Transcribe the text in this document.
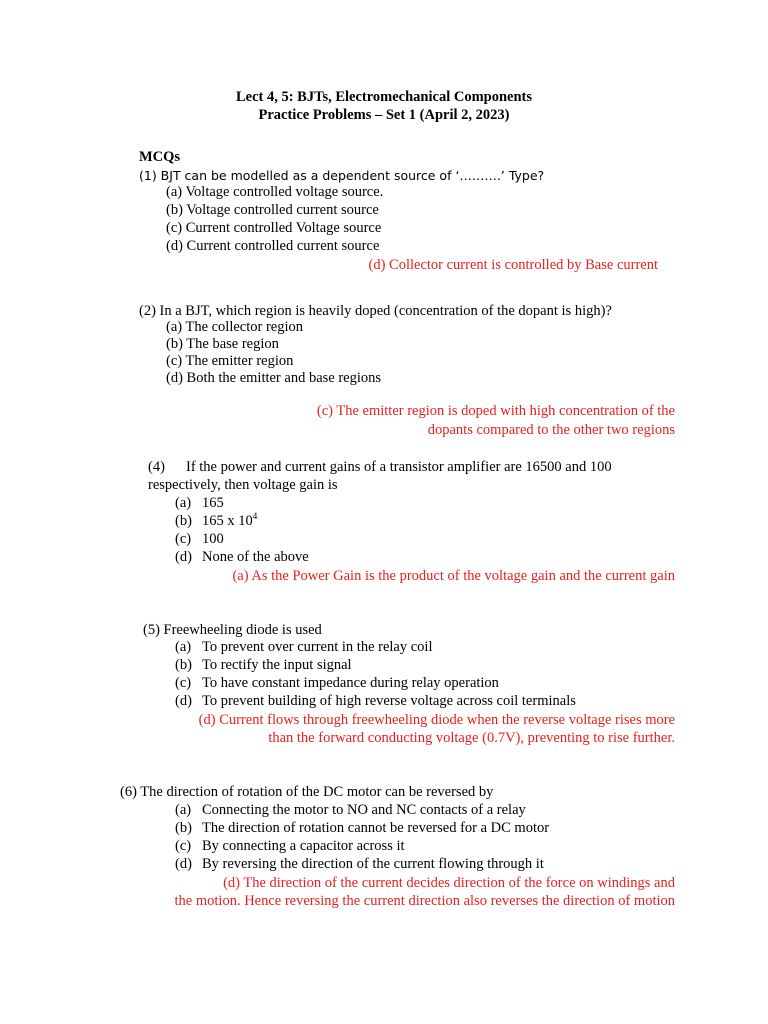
Lect 4, 5: BJTs, Electromechanical Components
Practice Problems – Set 1 (April 2, 2023)
MCQs
(1) BJT can be modelled as a dependent source of ‘……….’ Type?
(a) Voltage controlled voltage source.
(b) Voltage controlled current source
(c) Current controlled Voltage source
(d) Current controlled current source
(d) Collector current is controlled by Base current
(2) In a BJT, which region is heavily doped (concentration of the dopant is high)?
(a) The collector region
(b) The base region
(c) The emitter region
(d) Both the emitter and base regions
(c) The emitter region is doped with high concentration of the
dopants compared to the other two regions
(4) If the power and current gains of a transistor amplifier are 16500 and 100
respectively, then voltage gain is
(a) 165
(b) 165 x $10^4$
(c) 100
(d) None of the above
(a) As the Power Gain is the product of the voltage gain and the current gain
(5) Freewheeling diode is used
(a) To prevent over current in the relay coil
(b) To rectify the input signal
(c) To have constant impedance during relay operation
(d) To prevent building of high reverse voltage across coil terminals
(d) Current flows through freewheeling diode when the reverse voltage rises more
than the forward conducting voltage (0.7V), preventing to rise further.
(6) The direction of rotation of the DC motor can be reversed by
(a) Connecting the motor to NO and NC contacts of a relay
(b) The direction of rotation cannot be reversed for a DC motor
(c) By connecting a capacitor across it
(d) By reversing the direction of the current flowing through it
(d) The direction of the current decides direction of the force on windings and
the motion. Hence reversing the current direction also reverses the direction of motion
